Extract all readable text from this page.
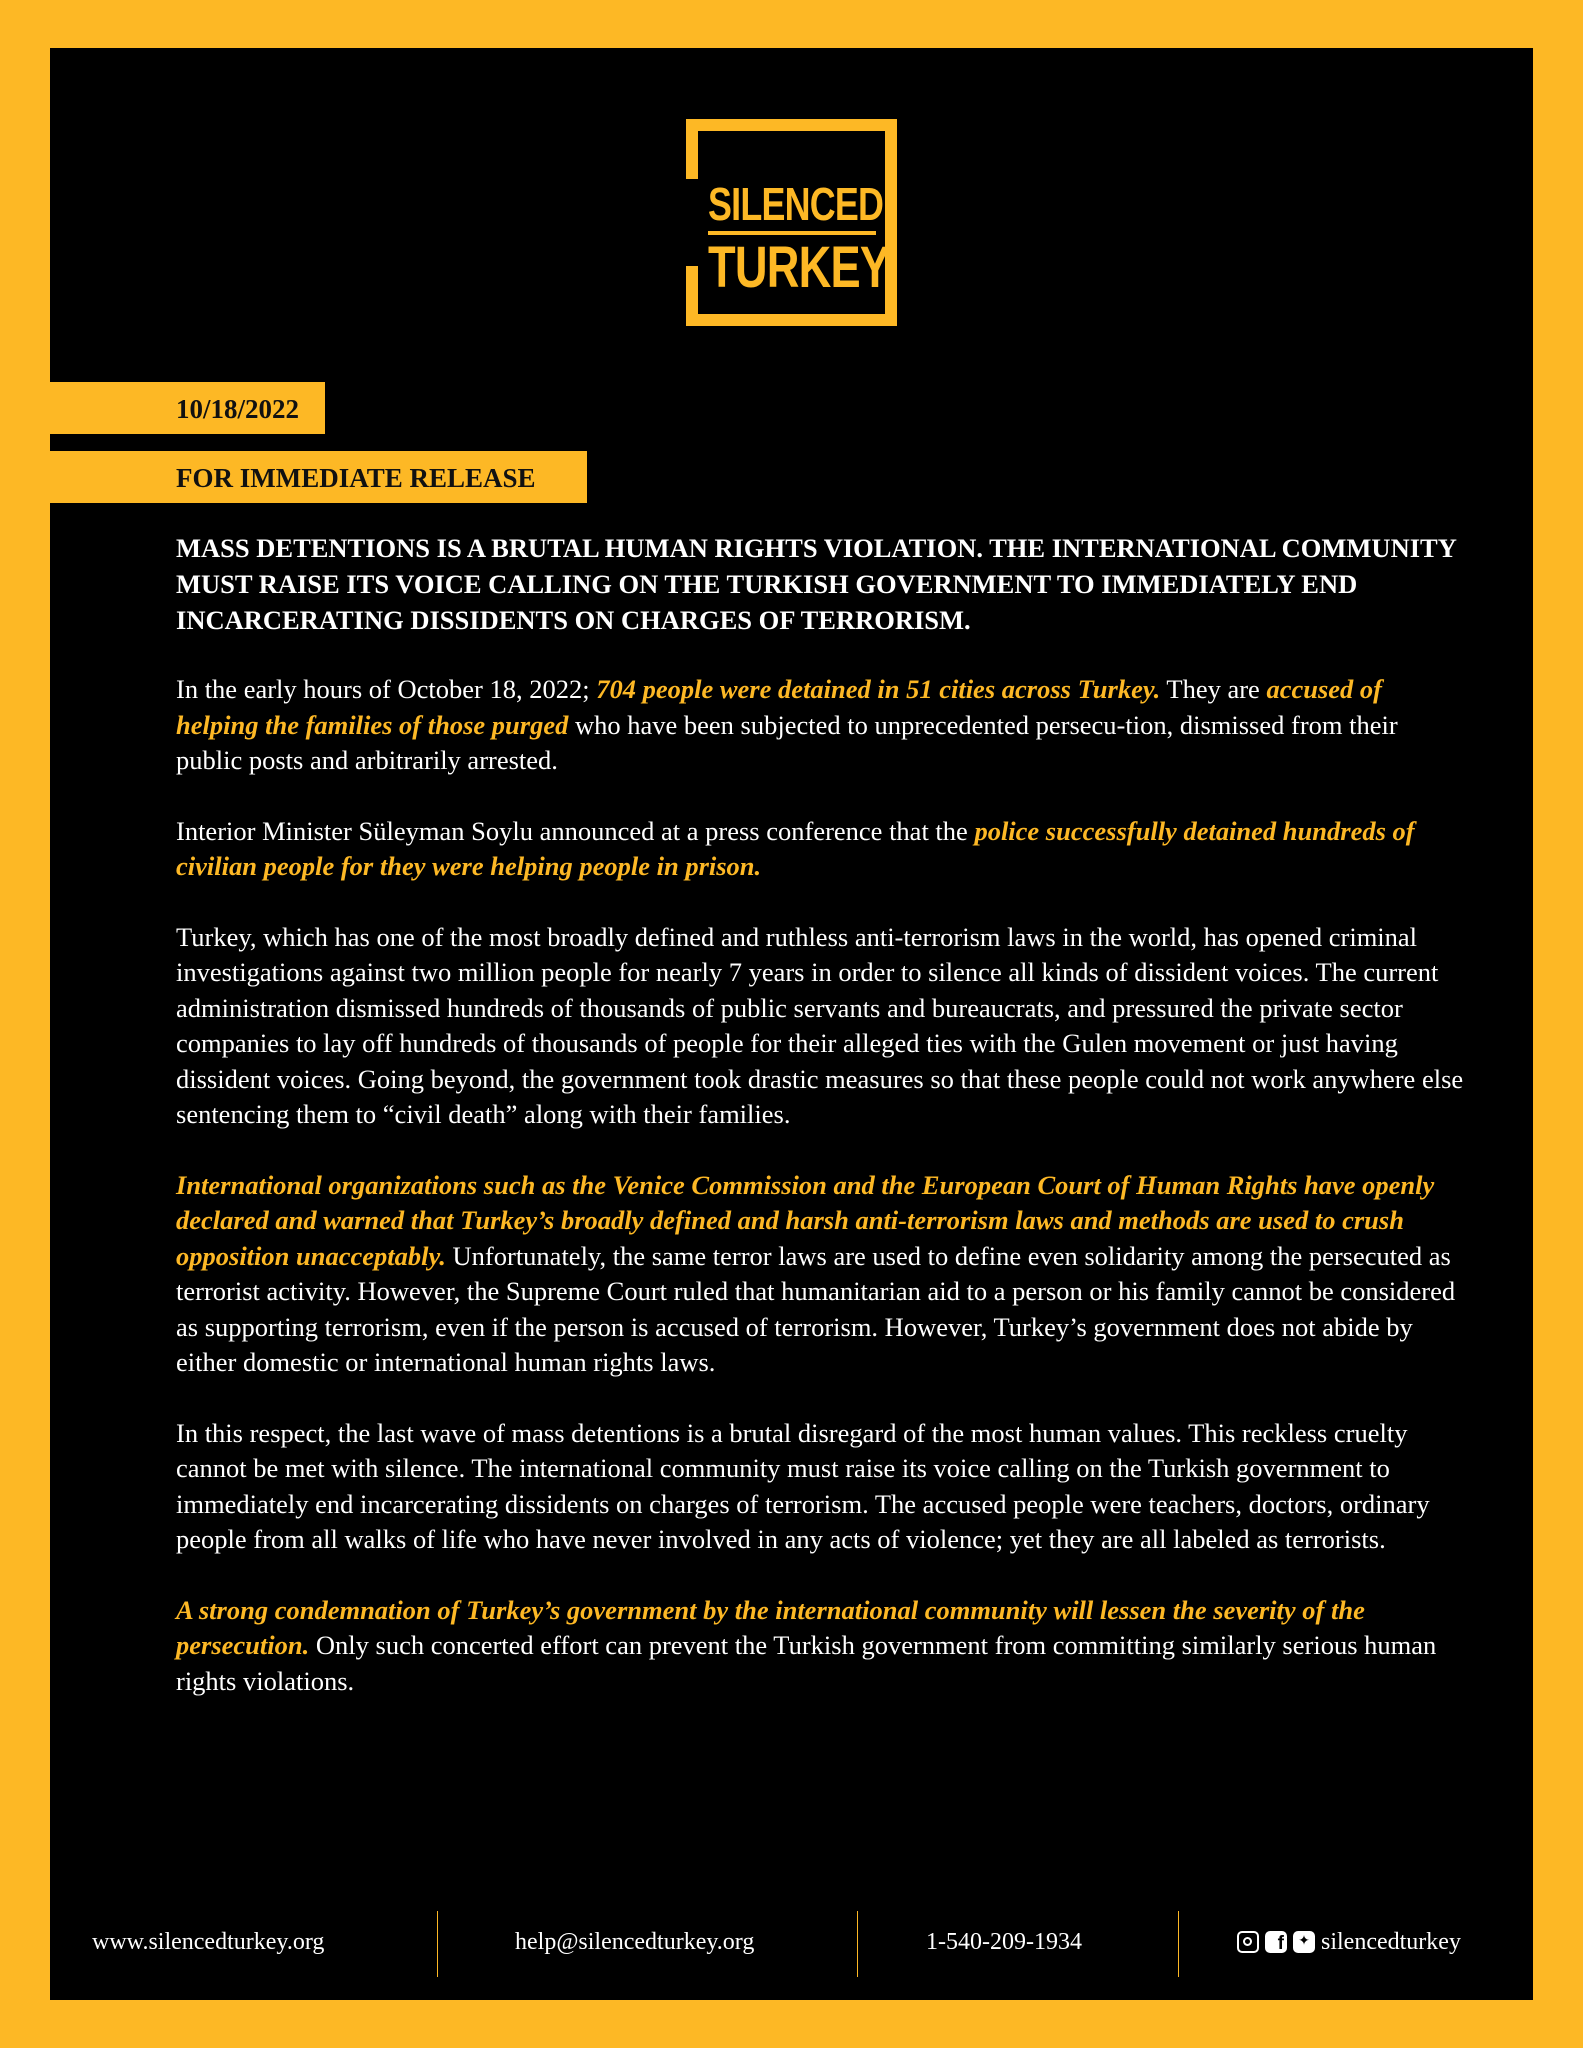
SILENCED
TURKEY
10/18/2022
FOR IMMEDIATE RELEASE

MASS DETENTIONS IS A BRUTAL HUMAN RIGHTS VIOLATION. THE INTERNATIONAL COMMUNITY MUST RAISE ITS VOICE CALLING ON THE TURKISH GOVERNMENT TO IMMEDIATELY END INCARCERATING DISSIDENTS ON CHARGES OF TERRORISM.

In the early hours of October 18, 2022; 704 people were detained in 51 cities across Turkey. They are accused of helping the families of those purged who have been subjected to unprecedented persecu-tion, dismissed from their public posts and arbitrarily arrested.

Interior Minister Süleyman Soylu announced at a press conference that the police successfully detained hundreds of civilian people for they were helping people in prison.

Turkey, which has one of the most broadly defined and ruthless anti-terrorism laws in the world, has opened criminal investigations against two million people for nearly 7 years in order to silence all kinds of dissident voices. The current administration dismissed hundreds of thousands of public servants and bureaucrats, and pressured the private sector companies to lay off hundreds of thousands of people for their alleged ties with the Gulen movement or just having dissident voices. Going beyond, the government took drastic measures so that these people could not work anywhere else sentencing them to “civil death” along with their families.

International organizations such as the Venice Commission and the European Court of Human Rights have openly declared and warned that Turkey’s broadly defined and harsh anti-terrorism laws and methods are used to crush opposition unacceptably. Unfortunately, the same terror laws are used to define even solidarity among the persecuted as terrorist activity. However, the Supreme Court ruled that humanitarian aid to a person or his family cannot be considered as supporting terrorism, even if the person is accused of terrorism. However, Turkey’s government does not abide by either domestic or international human rights laws.

In this respect, the last wave of mass detentions is a brutal disregard of the most human values. This reckless cruelty cannot be met with silence. The international community must raise its voice calling on the Turkish government to immediately end incarcerating dissidents on charges of terrorism. The accused people were teachers, doctors, ordinary people from all walks of life who have never involved in any acts of violence; yet they are all labeled as terrorists.

A strong condemnation of Turkey’s government by the international community will lessen the severity of the persecution. Only such concerted effort can prevent the Turkish government from committing similarly serious human rights violations.

www.silencedturkey.org	help@silencedturkey.org	1-540-209-1934	f	✦ silencedturkey
